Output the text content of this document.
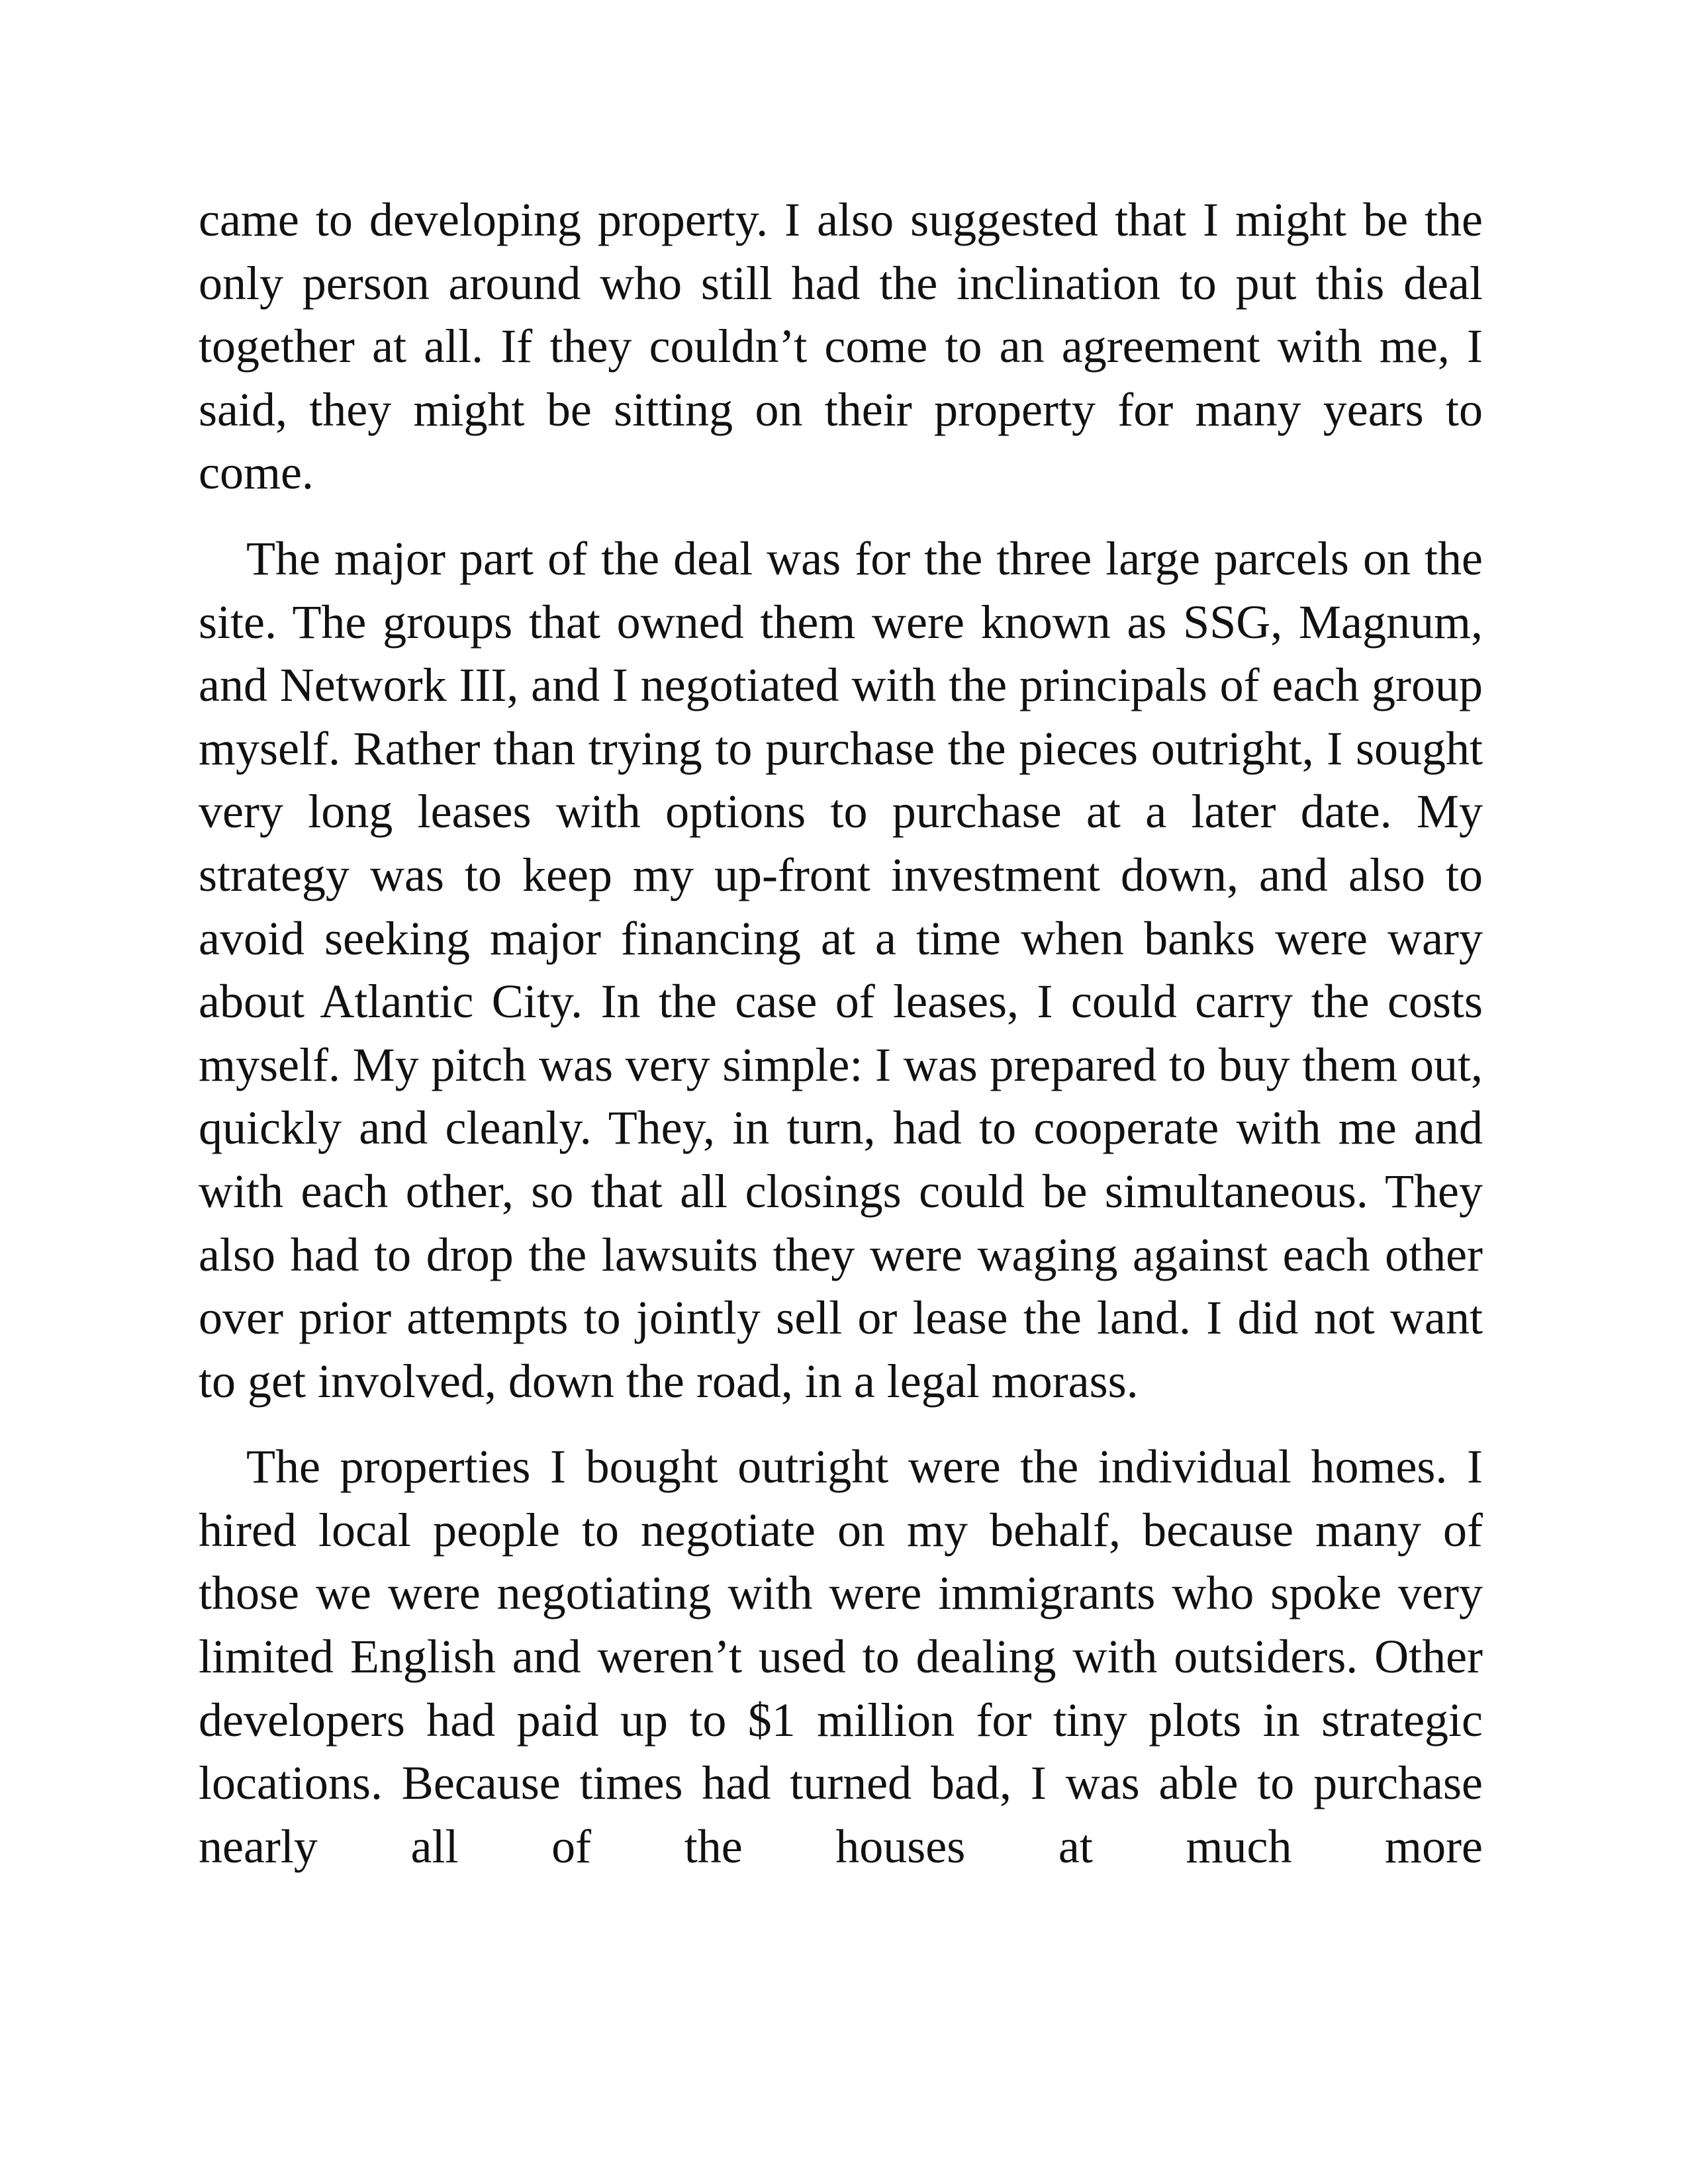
came to developing property. I also suggested that I might be the only person around who still had the inclination to put this deal together at all. If they couldn’t come to an agreement with me, I said, they might be sitting on their property for many years to come.

The major part of the deal was for the three large parcels on the site. The groups that owned them were known as SSG, Magnum, and Network III, and I negotiated with the principals of each group myself. Rather than trying to purchase the pieces outright, I sought very long leases with options to purchase at a later date. My strategy was to keep my up-front investment down, and also to avoid seeking major financing at a time when banks were wary about Atlantic City. In the case of leases, I could carry the costs myself. My pitch was very simple: I was prepared to buy them out, quickly and cleanly. They, in turn, had to cooperate with me and with each other, so that all closings could be simultaneous. They also had to drop the lawsuits they were waging against each other over prior attempts to jointly sell or lease the land. I did not want to get involved, down the road, in a legal morass.

The properties I bought outright were the individual homes. I hired local people to negotiate on my behalf, because many of those we were negotiating with were immigrants who spoke very limited English and weren’t used to dealing with outsiders. Other developers had paid up to $1 million for tiny plots in strategic locations. Because times had turned bad, I was able to purchase nearly all of the houses at much more
